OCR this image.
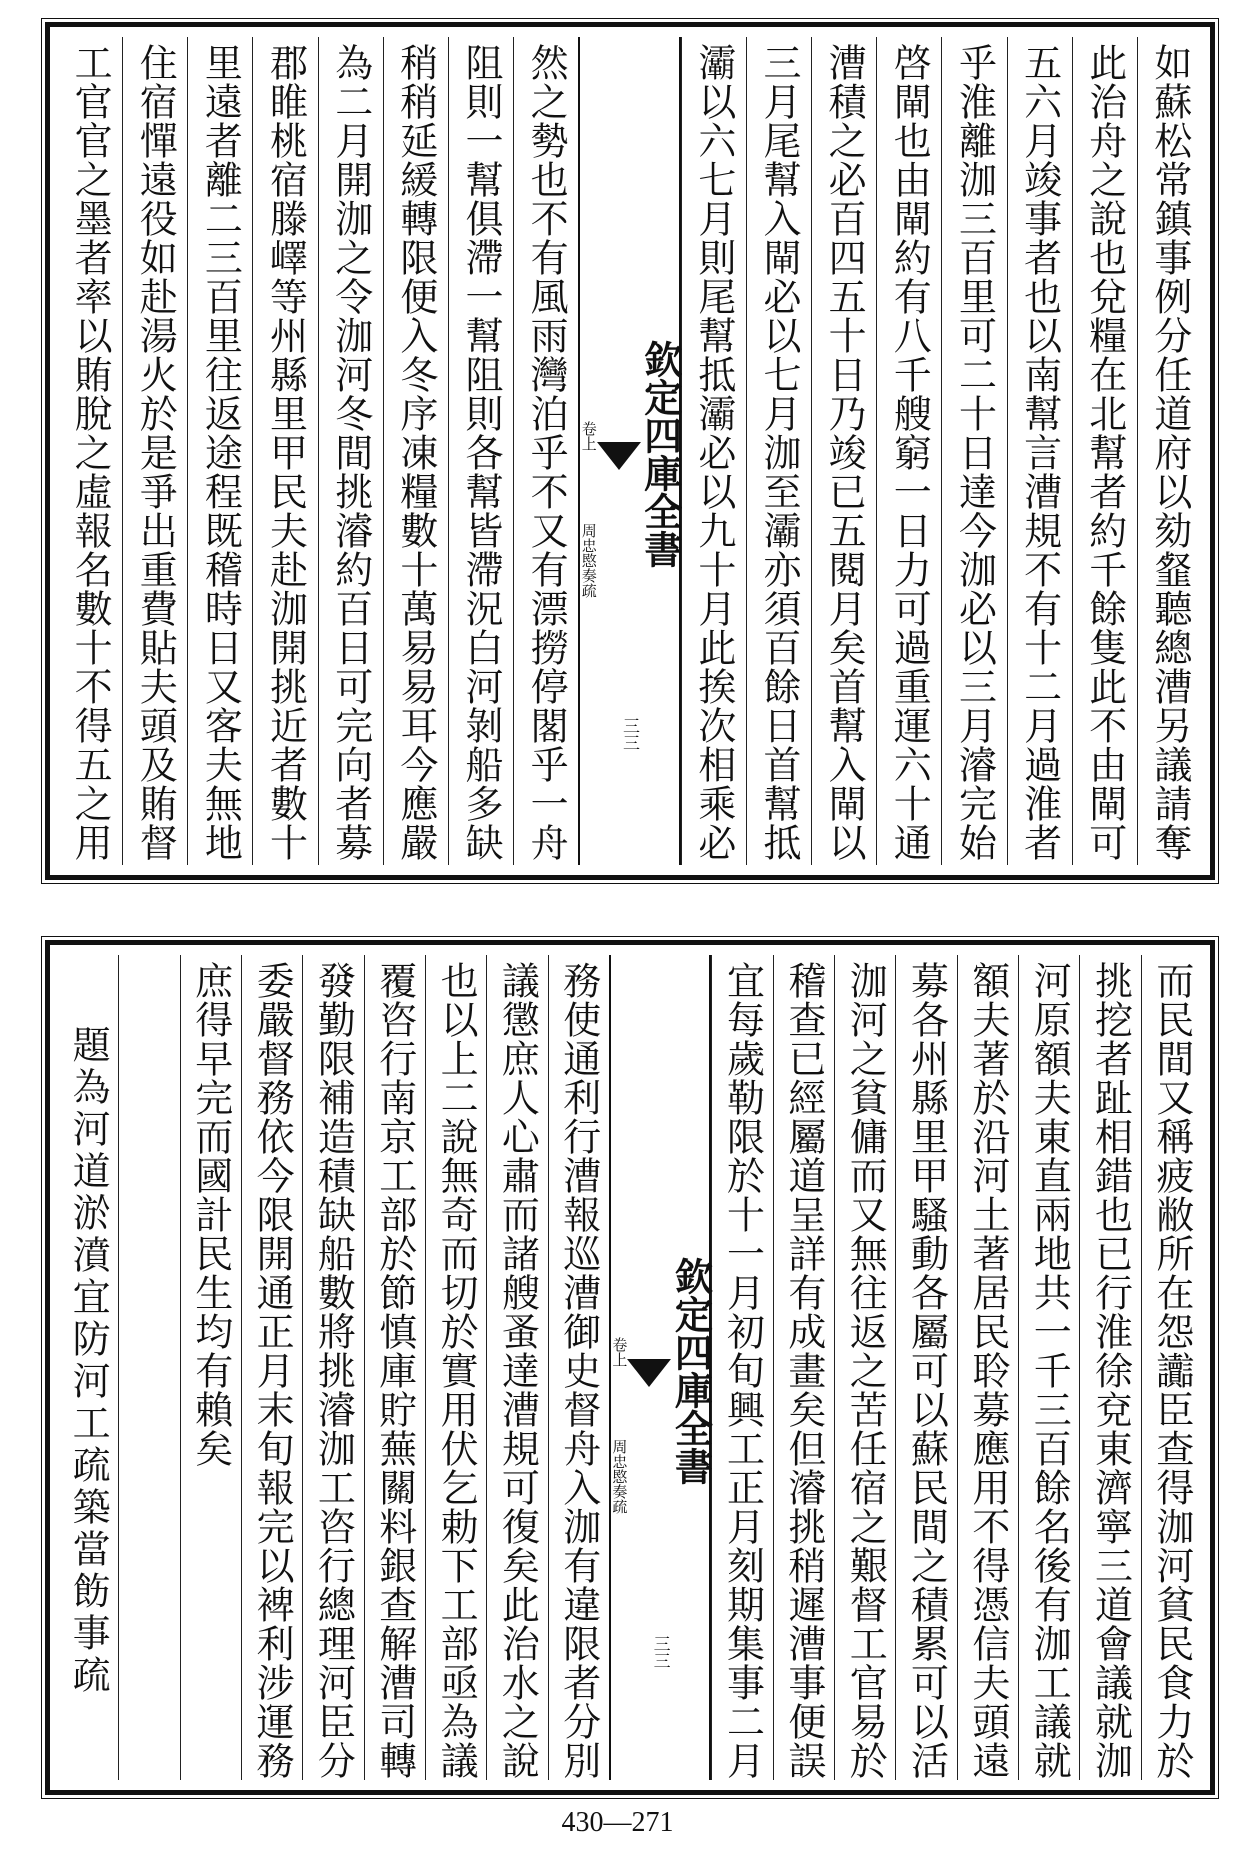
如蘇松常鎮事例分任道府以劾韰聽總漕另議請奪
此治舟之說也兌糧在北幫者約千餘隻此不由閘可
五六月竣事者也以南幫言漕規不有十二月過淮者
乎淮離泇三百里可二十日達今泇必以三月濬完始
啓閘也由閘約有八千艘窮一日力可過重運六十通
漕積之必百四五十日乃竣已五閱月矣首幫入閘以
三月尾幫入閘必以七月泇至灞亦須百餘日首幫抵
灞以六七月則尾幫抵灞必以九十月此挨次相乘必
欽定四庫全書
周忠愍奏疏
卷上
三三
然之勢也不有風雨灣泊乎不又有漂撈停閣乎一舟
阻則一幫俱滯一幫阻則各幫皆滯況白河剝船多缺
稍稍延緩轉限便入冬序凍糧數十萬易易耳今應嚴
為二月開泇之令泇河冬間挑濬約百日可完向者募
郡睢桃宿滕嶧等州縣里甲民夫赴泇開挑近者數十
里遠者離二三百里往返途程既稽時日又客夫無地
住宿憚遠役如赴湯火於是爭出重費貼夫頭及賄督
工官官之墨者率以賄脫之虛報名數十不得五之用
而民間又稱疲敝所在怨讟臣查得泇河貧民食力於
挑挖者趾相錯也已行淮徐兗東濟寧三道會議就泇
河原額夫東直兩地共一千三百餘名後有泇工議就
額夫著於沿河土著居民聆募應用不得憑信夫頭遠
募各州縣里甲騷動各屬可以蘇民間之積累可以活
泇河之貧傭而又無往返之苦任宿之艱督工官易於
稽查已經屬道呈詳有成畫矣但濬挑稍遲漕事便誤
宜每歲勒限於十一月初旬興工正月刻期集事二月
欽定四庫全書
周忠愍奏疏
卷上
三三
務使通利行漕報巡漕御史督舟入泇有違限者分別
議懲庶人心肅而諸艘蚤達漕規可復矣此治水之說
也以上二說無奇而切於實用伏乞勅下工部亟為議
覆咨行南京工部於節慎庫貯蕪關料銀查解漕司轉
發勤限補造積缺船數將挑濬泇工咨行總理河臣分
委嚴督務依今限開通正月末旬報完以裨利涉運務
庶得早完而國計民生均有賴矣
題為河道淤濆宜防河工疏築當飭事疏
430—271
